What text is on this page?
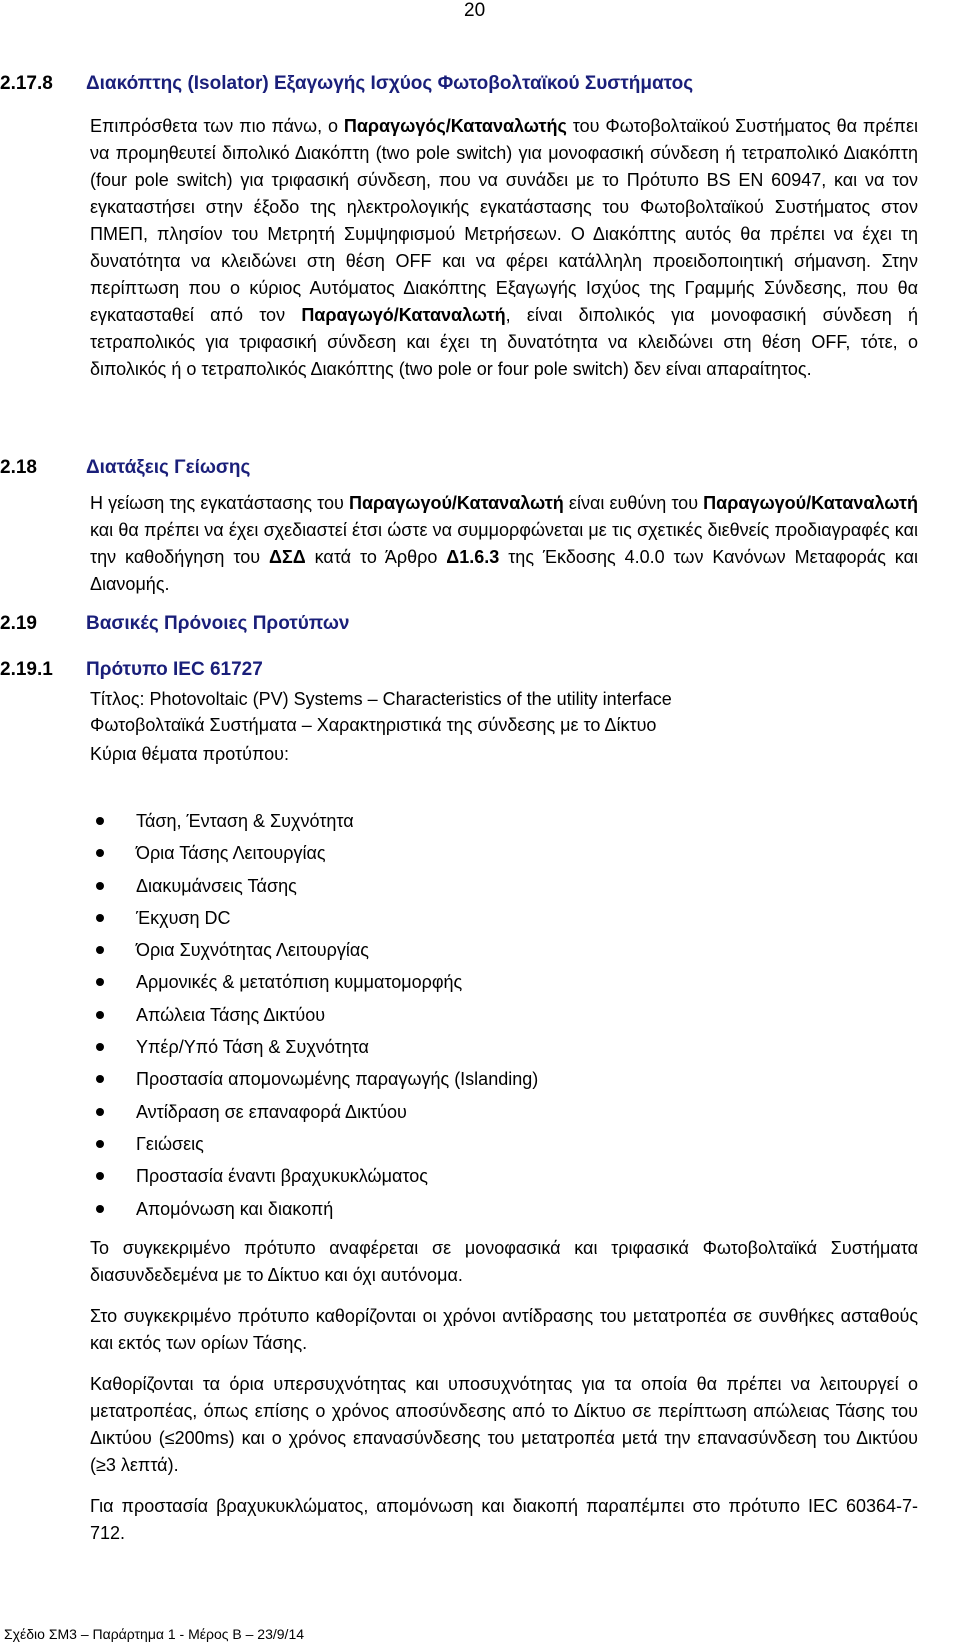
20
2.17.8 Διακόπτης (Isolator) Εξαγωγής Ισχύος Φωτοβολταϊκού Συστήματος
Επιπρόσθετα των πιο πάνω, ο Παραγωγός/Καταναλωτής του Φωτοβολταϊκού Συστήματος θα πρέπει να προμηθευτεί διπολικό Διακόπτη (two pole switch) για μονοφασική σύνδεση ή τετραπολικό Διακόπτη (four pole switch) για τριφασική σύνδεση, που να συνάδει με το Πρότυπο BS EN 60947, και να τον εγκαταστήσει στην έξοδο της ηλεκτρολογικής εγκατάστασης του Φωτοβολταϊκού Συστήματος στον ΠΜΕΠ, πλησίον του Μετρητή Συμψηφισμού Μετρήσεων. Ο Διακόπτης αυτός θα πρέπει να έχει τη δυνατότητα να κλειδώνει στη θέση OFF και να φέρει κατάλληλη προειδοποιητική σήμανση. Στην περίπτωση που ο κύριος Αυτόματος Διακόπτης Εξαγωγής Ισχύος της Γραμμής Σύνδεσης, που θα εγκατασταθεί από τον Παραγωγό/Καταναλωτή, είναι διπολικός για μονοφασική σύνδεση ή τετραπολικός για τριφασική σύνδεση και έχει τη δυνατότητα να κλειδώνει στη θέση OFF, τότε, ο διπολικός ή ο τετραπολικός Διακόπτης (two pole or four pole switch) δεν είναι απαραίτητος.
2.18	Διατάξεις Γείωσης
Η γείωση της εγκατάστασης του Παραγωγού/Καταναλωτή είναι ευθύνη του Παραγωγού/Καταναλωτή και θα πρέπει να έχει σχεδιαστεί έτσι ώστε να συμμορφώνεται με τις σχετικές διεθνείς προδιαγραφές και την καθοδήγηση του ΔΣΔ κατά το Άρθρο Δ1.6.3 της Έκδοσης 4.0.0 των Κανόνων Μεταφοράς και Διανομής.
2.19	Βασικές Πρόνοιες Προτύπων
2.19.1 Πρότυπο IEC 61727
Τίτλος: Photovoltaic (PV) Systems – Characteristics of the utility interface
Φωτοβολταϊκά Συστήματα – Χαρακτηριστικά της σύνδεσης με το Δίκτυο
Κύρια θέματα προτύπου:
Τάση, Ένταση & Συχνότητα
Όρια Τάσης Λειτουργίας
Διακυμάνσεις Τάσης
Έκχυση DC
Όρια Συχνότητας Λειτουργίας
Αρμονικές & μετατόπιση κυμματομορφής
Απώλεια Τάσης Δικτύου
Υπέρ/Υπό Τάση & Συχνότητα
Προστασία απομονωμένης παραγωγής (Islanding)
Αντίδραση σε επαναφορά Δικτύου
Γειώσεις
Προστασία έναντι βραχυκυκλώματος
Απομόνωση και διακοπή
Το συγκεκριμένο πρότυπο αναφέρεται σε μονοφασικά και τριφασικά Φωτοβολταϊκά Συστήματα διασυνδεδεμένα με το Δίκτυο και όχι αυτόνομα.
Στο συγκεκριμένο πρότυπο καθορίζονται οι χρόνοι αντίδρασης του μετατροπέα σε συνθήκες ασταθούς και εκτός των ορίων Τάσης.
Καθορίζονται τα όρια υπερσυχνότητας και υποσυχνότητας για τα οποία θα πρέπει να λειτουργεί ο μετατροπέας, όπως επίσης ο χρόνος αποσύνδεσης από το Δίκτυο σε περίπτωση απώλειας Τάσης του Δικτύου (≤200ms) και ο χρόνος επανασύνδεσης του μετατροπέα μετά την επανασύνδεση του Δικτύου (≥3 λεπτά).
Για προστασία βραχυκυκλώματος, απομόνωση και διακοπή παραπέμπει στο πρότυπο IEC 60364-7-712.
Σχέδιο ΣΜ3 – Παράρτημα 1 - Μέρος Β – 23/9/14
